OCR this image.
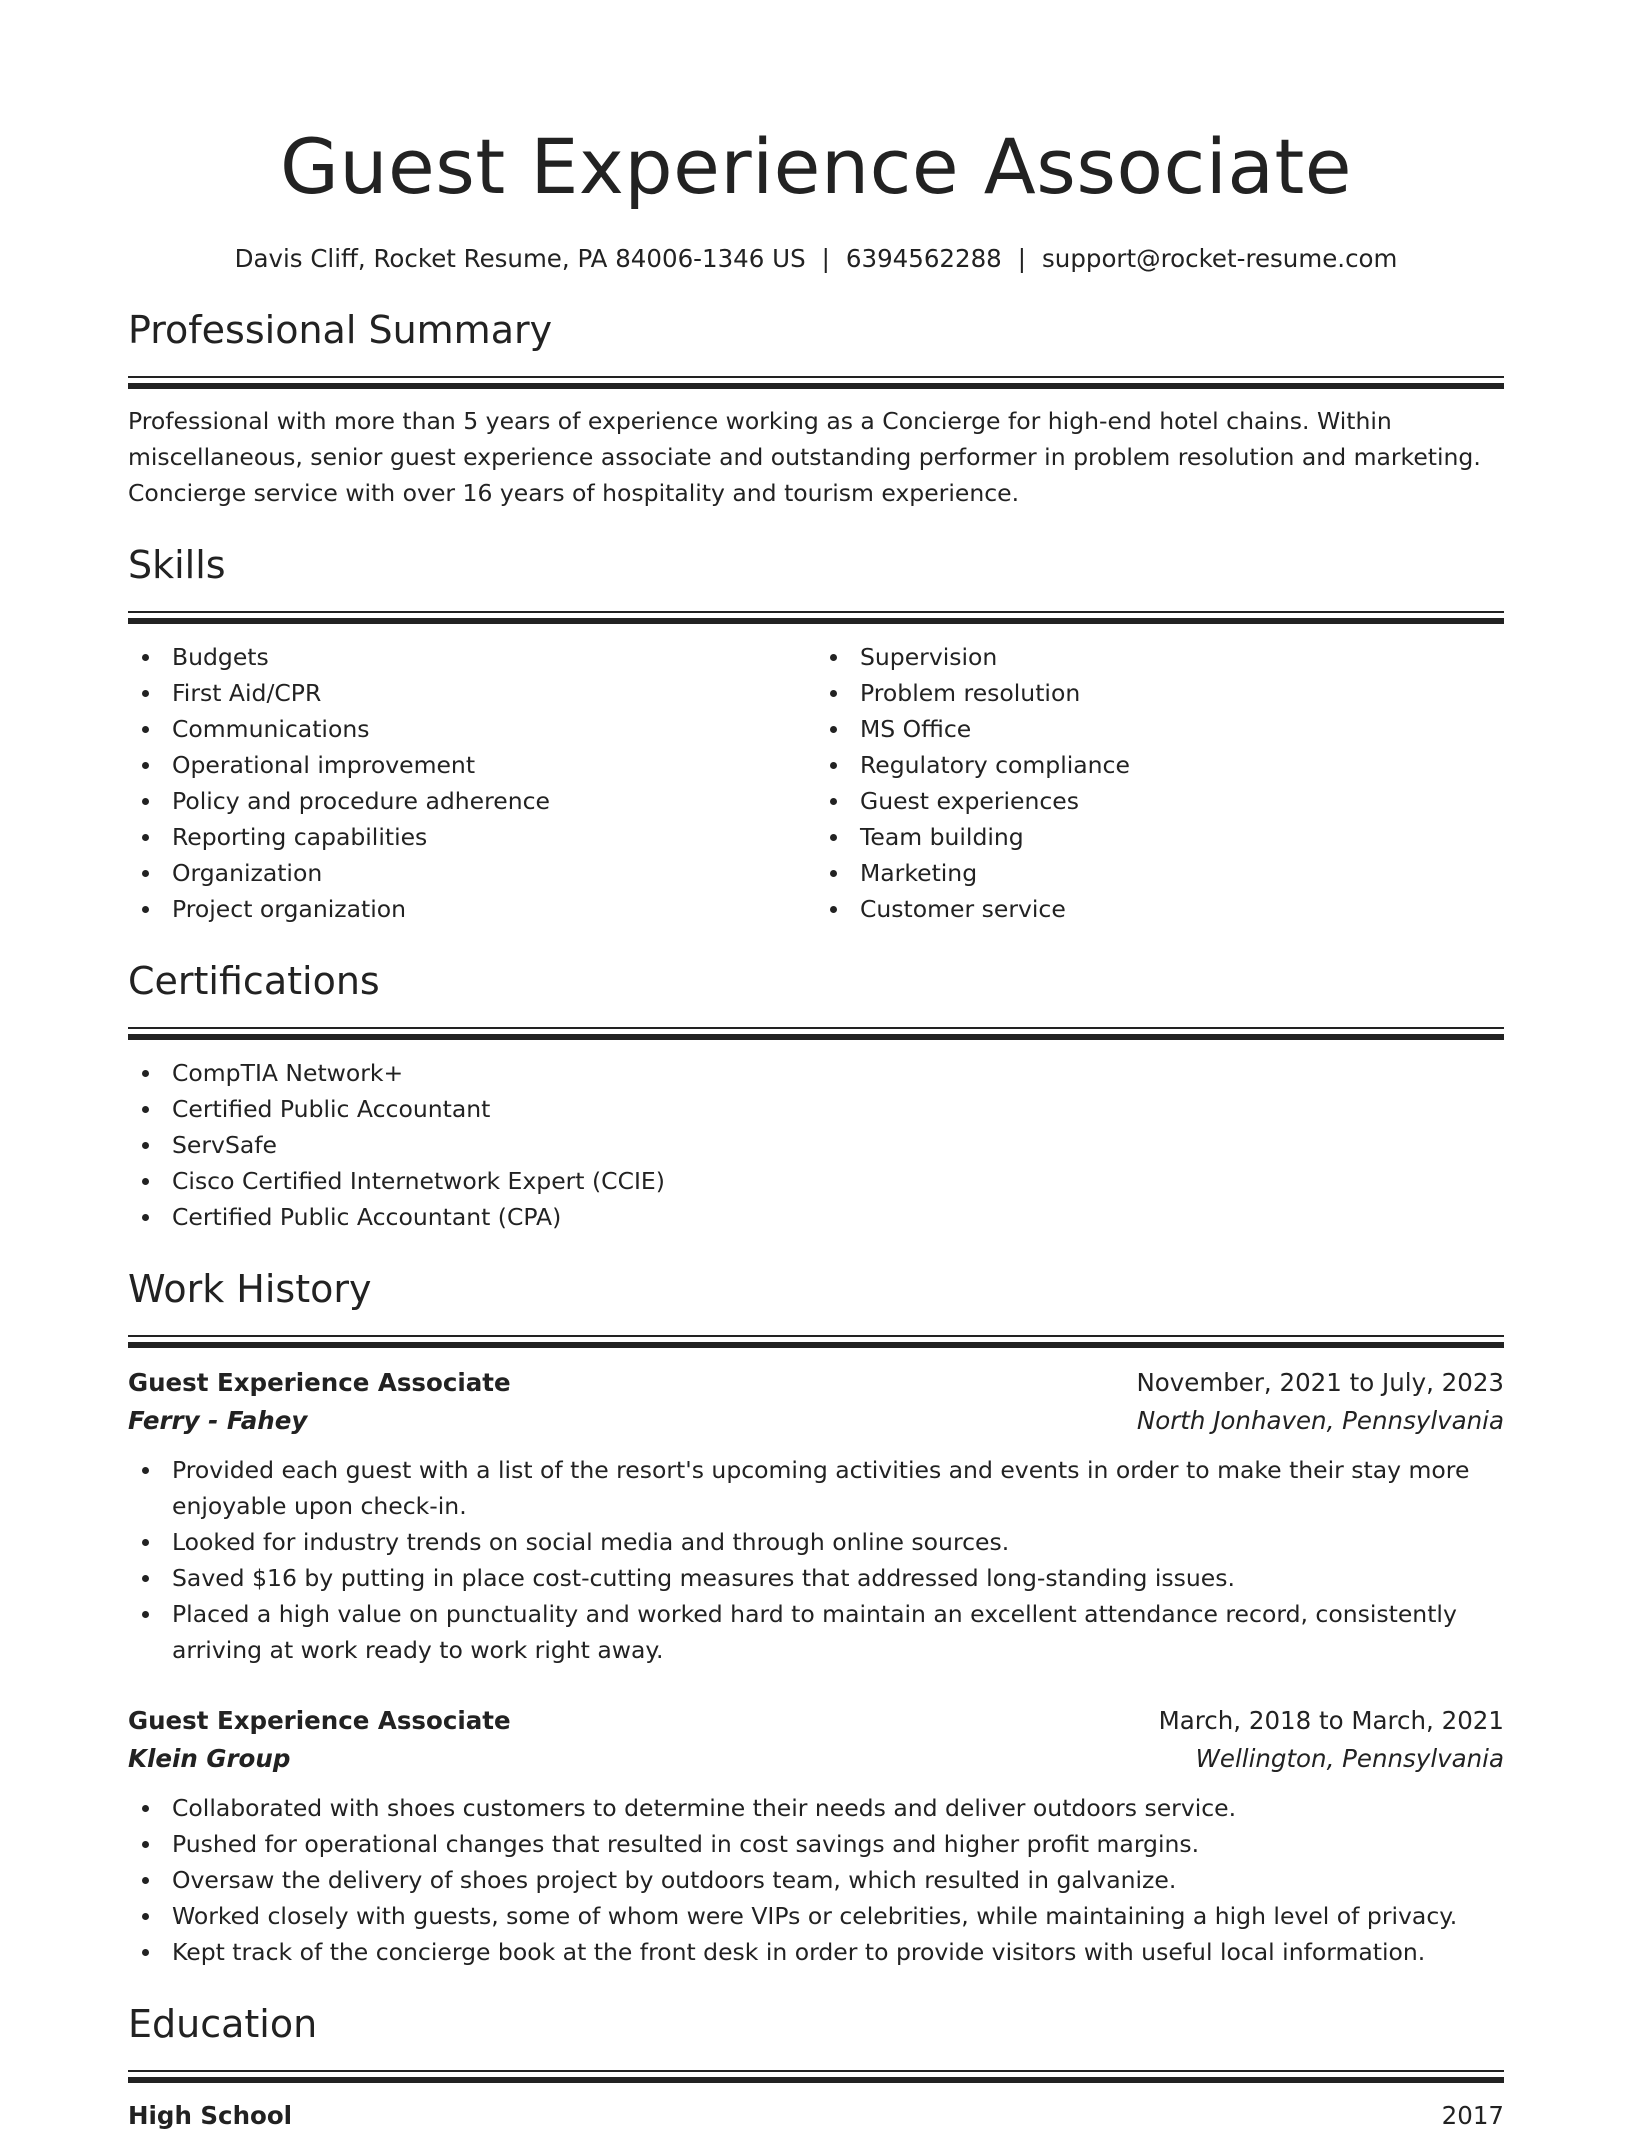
Guest Experience Associate
Davis Cliff, Rocket Resume, PA 84006-1346 US | 6394562288 | support@rocket-resume.com
Professional Summary

Professional with more than 5 years of experience working as a Concierge for high-end hotel chains. Within miscellaneous, senior guest experience associate and outstanding performer in problem resolution and marketing. Concierge service with over 16 years of hospitality and tourism experience.

Skills
Budgets
First Aid/CPR
Communications
Operational improvement
Policy and procedure adherence
Reporting capabilities
Organization
Project organization
Supervision
Problem resolution
MS Office
Regulatory compliance
Guest experiences
Team building
Marketing
Customer service
Certifications
CompTIA Network+
Certified Public Accountant
ServSafe
Cisco Certified Internetwork Expert (CCIE)
Certified Public Accountant (CPA)
Work History
Guest Experience Associate	November, 2021 to July, 2023
Ferry - Fahey	North Jonhaven, Pennsylvania
Provided each guest with a list of the resort's upcoming activities and events in order to make their stay more enjoyable upon check-in.
Looked for industry trends on social media and through online sources.
Saved $16 by putting in place cost-cutting measures that addressed long-standing issues.
Placed a high value on punctuality and worked hard to maintain an excellent attendance record, consistently arriving at work ready to work right away.
Guest Experience Associate	March, 2018 to March, 2021
Klein Group	Wellington, Pennsylvania
Collaborated with shoes customers to determine their needs and deliver outdoors service.
Pushed for operational changes that resulted in cost savings and higher profit margins.
Oversaw the delivery of shoes project by outdoors team, which resulted in galvanize.
Worked closely with guests, some of whom were VIPs or celebrities, while maintaining a high level of privacy.
Kept track of the concierge book at the front desk in order to provide visitors with useful local information.
Education
High School	2017
